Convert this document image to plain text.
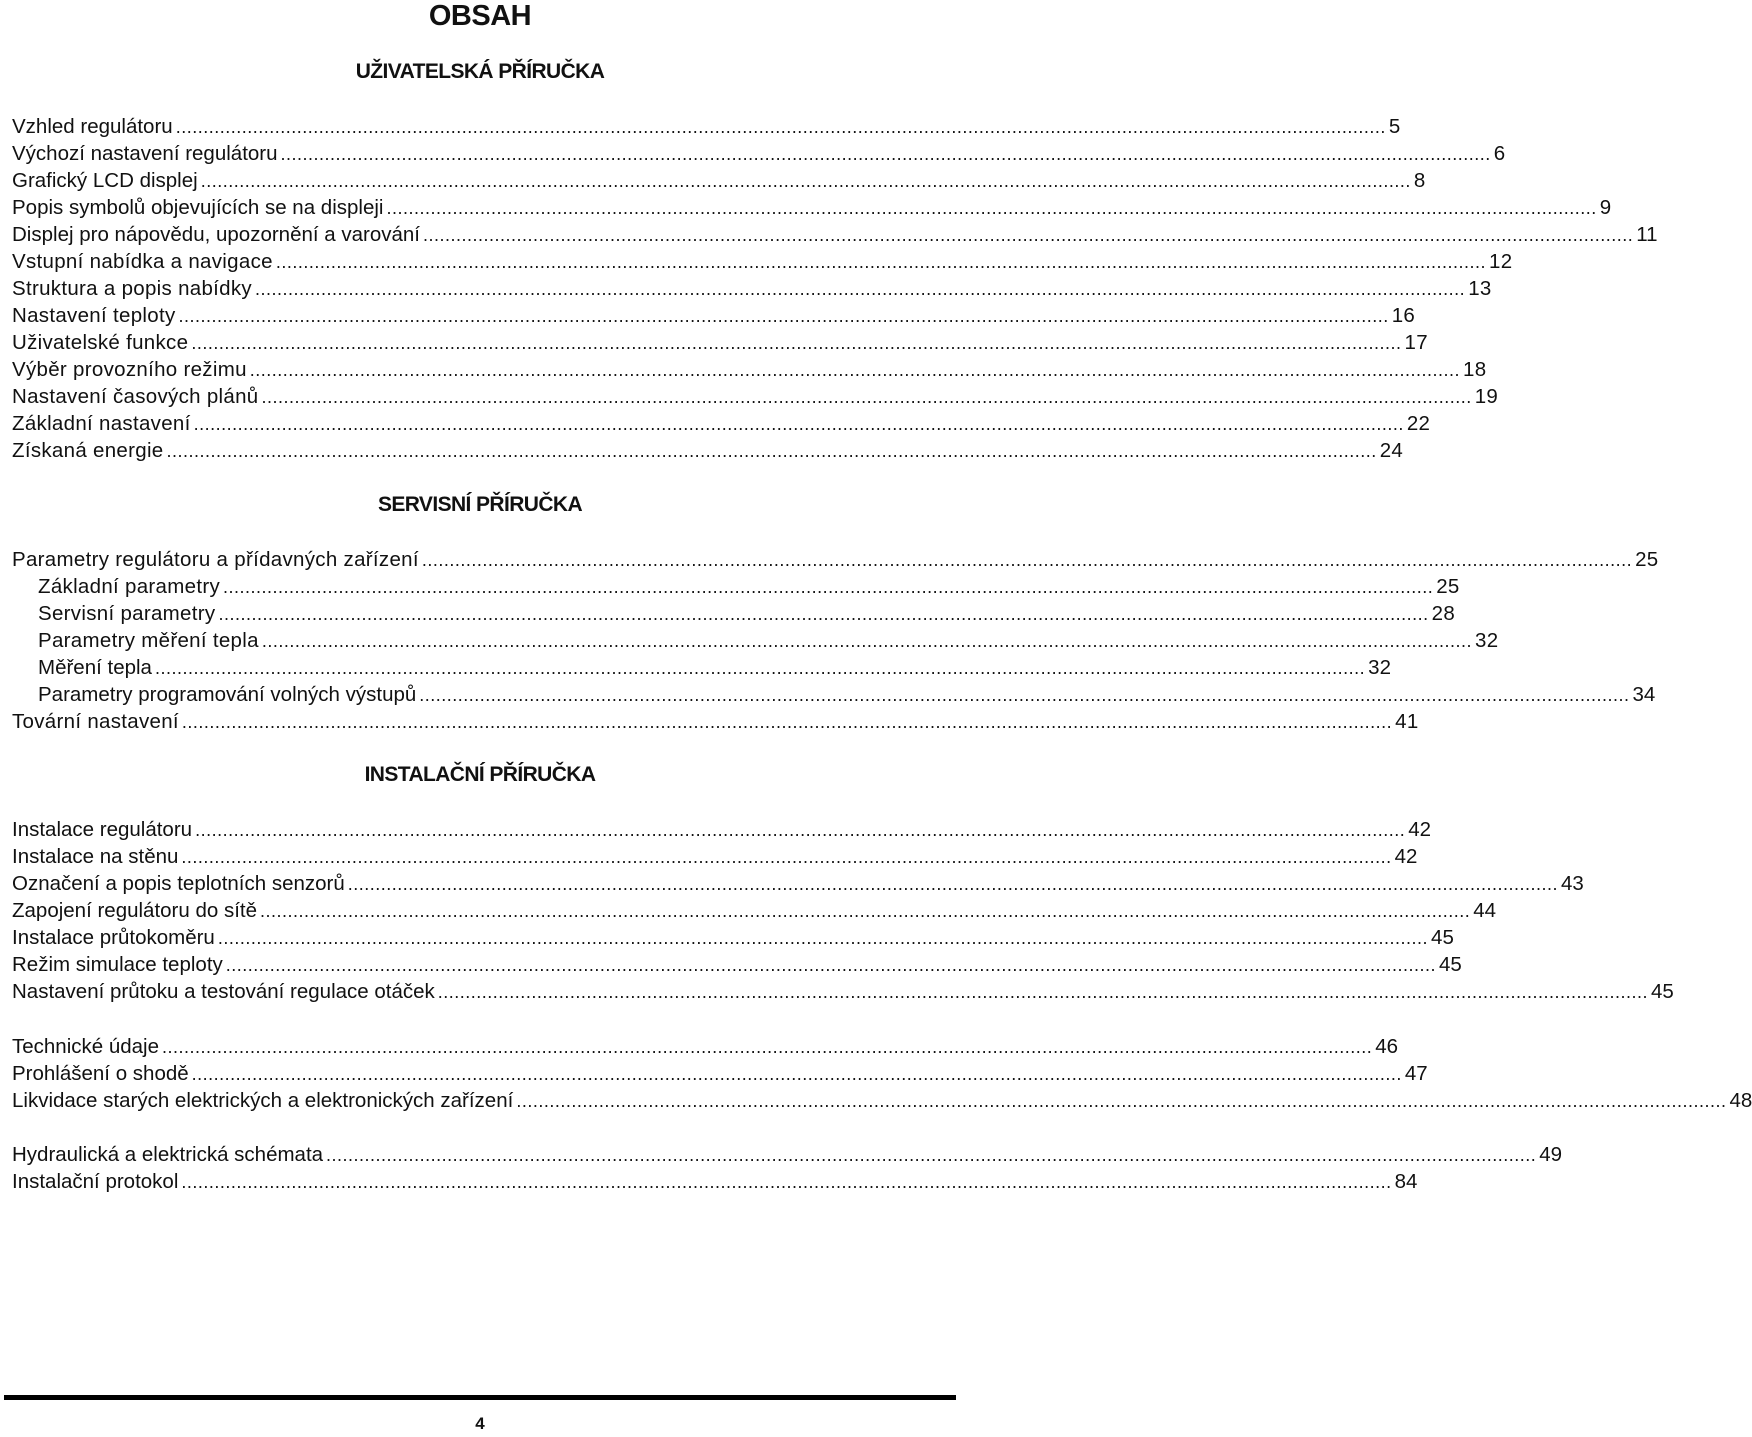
OBSAH
UŽIVATELSKÁ PŘÍRUČKA
Vzhled regulátoru ............................................................................................................................................................................................................................ 5
Výchozí nastavení regulátoru ............................................................................................................................................................................................................................ 6
Grafický LCD displej ............................................................................................................................................................................................................................ 8
Popis symbolů objevujících se na displeji ............................................................................................................................................................................................................................ 9
Displej pro nápovědu, upozornění a varování ............................................................................................................................................................................................................................ 11
Vstupní nabídka a navigace ............................................................................................................................................................................................................................ 12
Struktura a popis nabídky ............................................................................................................................................................................................................................ 13
Nastavení teploty ............................................................................................................................................................................................................................ 16
Uživatelské funkce ............................................................................................................................................................................................................................ 17
Výběr provozního režimu ............................................................................................................................................................................................................................ 18
Nastavení časových plánů ............................................................................................................................................................................................................................ 19
Základní nastavení ............................................................................................................................................................................................................................ 22
Získaná energie ............................................................................................................................................................................................................................ 24
SERVISNÍ PŘÍRUČKA
Parametry regulátoru a přídavných zařízení ............................................................................................................................................................................................................................ 25
Základní parametry ............................................................................................................................................................................................................................ 25
Servisní parametry ............................................................................................................................................................................................................................ 28
Parametry měření tepla ............................................................................................................................................................................................................................ 32
Měření tepla ............................................................................................................................................................................................................................ 32
Parametry programování volných výstupů ............................................................................................................................................................................................................................ 34
Tovární nastavení ............................................................................................................................................................................................................................ 41
INSTALAČNÍ PŘÍRUČKA
Instalace regulátoru ............................................................................................................................................................................................................................ 42
Instalace na stěnu ............................................................................................................................................................................................................................ 42
Označení a popis teplotních senzorů ............................................................................................................................................................................................................................ 43
Zapojení regulátoru do sítě ............................................................................................................................................................................................................................ 44
Instalace průtokoměru ............................................................................................................................................................................................................................ 45
Režim simulace teploty ............................................................................................................................................................................................................................ 45
Nastavení průtoku a testování regulace otáček ............................................................................................................................................................................................................................ 45
Technické údaje ............................................................................................................................................................................................................................ 46
Prohlášení o shodě ............................................................................................................................................................................................................................ 47
Likvidace starých elektrických a elektronických zařízení ............................................................................................................................................................................................................................ 48
Hydraulická a elektrická schémata ............................................................................................................................................................................................................................ 49
Instalační protokol ............................................................................................................................................................................................................................ 84
4
